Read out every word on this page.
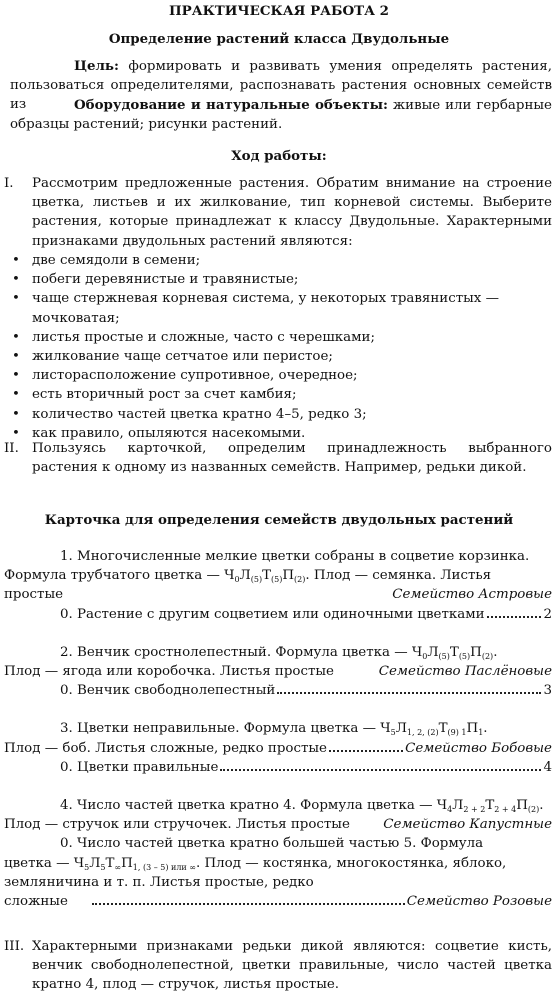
ПРАКТИЧЕСКАЯ РАБОТА 2
Определение растений класса Двудольные
Цель: формировать и развивать умения определять растения, пользоваться определителями, распознавать растения основных семейств из	Оборудование и натуральные объекты: живые или гербарные образцы растений; рисунки растений.
Ход работы:
I. Рассмотрим предложенные растения. Обратим внимание на строение цветка, листьев и их жилкование, тип корневой системы. Выберите растения, которые принадлежат к классу Двудольные. Характерными признаками двудольных растений являются:
• две семядоли в семени;
• побеги деревянистые и травянистые;
• чаще стержневая корневая система, у некоторых травянистых — мочковатая;
• листья простые и сложные, часто с черешками;
• жилкование чаще сетчатое или перистое;
• листорасположение супротивное, очередное;
• есть вторичный рост за счет камбия;
• количество частей цветка кратно 4–5, редко 3;
• как правило, опыляются насекомыми.
II. Пользуясь карточкой, определим принадлежность выбранного растения к одному из названных семейств. Например, редьки дикой.
Карточка для определения семейств двудольных растений
1. Многочисленные мелкие цветки собраны в соцветие корзинка.
Формула трубчатого цветка — $Ч_0Л_{(5)}Т_{(5)}П_{(2)}$. Плод — семянка. Листья
простые	Семейство Астровые
0. Растение с другим соцветием или одиночными цветками	2
2. Венчик сростнолепестный. Формула цветка — $Ч_0Л_{(5)}Т_{(5)}П_{(2)}$.
Плод — ягода или коробочка. Листья простые	Семейство Паслёновые
0. Венчик свободнолепестный	3
3. Цветки неправильные. Формула цветка — $Ч_5Л_{1, 2, (2)}Т_{(9) 1}П_1$.
Плод — боб. Листья сложные, редко простые	Семейство Бобовые
0. Цветки правильные	4
4. Число частей цветка кратно 4. Формула цветка — $Ч_4Л_{2 + 2}Т_{2 + 4}П_{(2)}$.
Плод — стручок или стручочек. Листья простые Семейство Капустные
0. Число частей цветка кратно большей частью 5. Формула
цветка — $Ч_5Л_5Т_\infty П_{1, (3 - 5) или \infty}$. Плод — костянка, многокостянка, яблоко,
земляничина и т. п. Листья простые, редко
сложные	Семейство Розовые
III. Характерными признаками редьки дикой являются: соцветие кисть, венчик свободнолепестной, цветки правильные, число частей цветка кратно 4, плод — стручок, листья простые.
